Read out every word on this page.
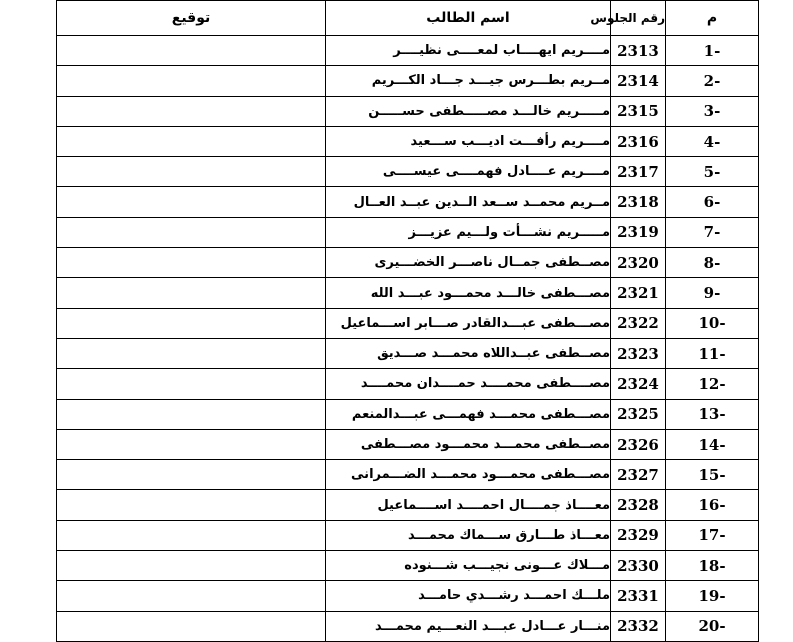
م	رقم الجلوس	اسم الطالب	توقيع
-1	2313	مــــريم ايهــــاب لمعــــى نظيــــر	
-2	2314	مــريم بطـــرس جيـــد جـــاد الكـــريم	
-3	2315	مـــــريم خالـــد مصـــــطفى حســـــن	
-4	2316	مــــريم رأفـــت اديـــب ســـعيد	
-5	2317	مــــريم عــــادل فهمــــى عيســــى	
-6	2318	مــريم محمــد ســعد الــدين عبــد العــال	
-7	2319	مـــــريم نشـــأت ولـــيم عزيـــز	
-8	2320	مصــطفى جمــال ناصـــر الخضـــيرى	
-9	2321	مصـــطفى خالـــد محمـــود عبـــد الله	
-10	2322	مصـــطفى عبـــدالقادر صـــابر اســـماعيل	
-11	2323	مصــطفى عبــداللاه محمـــد صـــديق	
-12	2324	مصــــطفى محمــــد حمــــدان محمــــد	
-13	2325	مصـــطفى محمـــد فهمـــى عبـــدالمنعم	
-14	2326	مصــطفى محمـــد محمـــود مصـــطفى	
-15	2327	مصـــطفى محمـــود محمـــد الضـــمرانى	
-16	2328	معــــاذ جمــــال احمــــد اســــماعيل	
-17	2329	معـــاذ طـــارق ســـماك محمـــد	
-18	2330	مـــلاك عـــونى نجيـــب شـــنوده	
-19	2331	ملـــك احمـــد رشـــدي حامـــد	
-20	2332	منـــار عـــادل عبـــد النعـــيم محمـــد	
